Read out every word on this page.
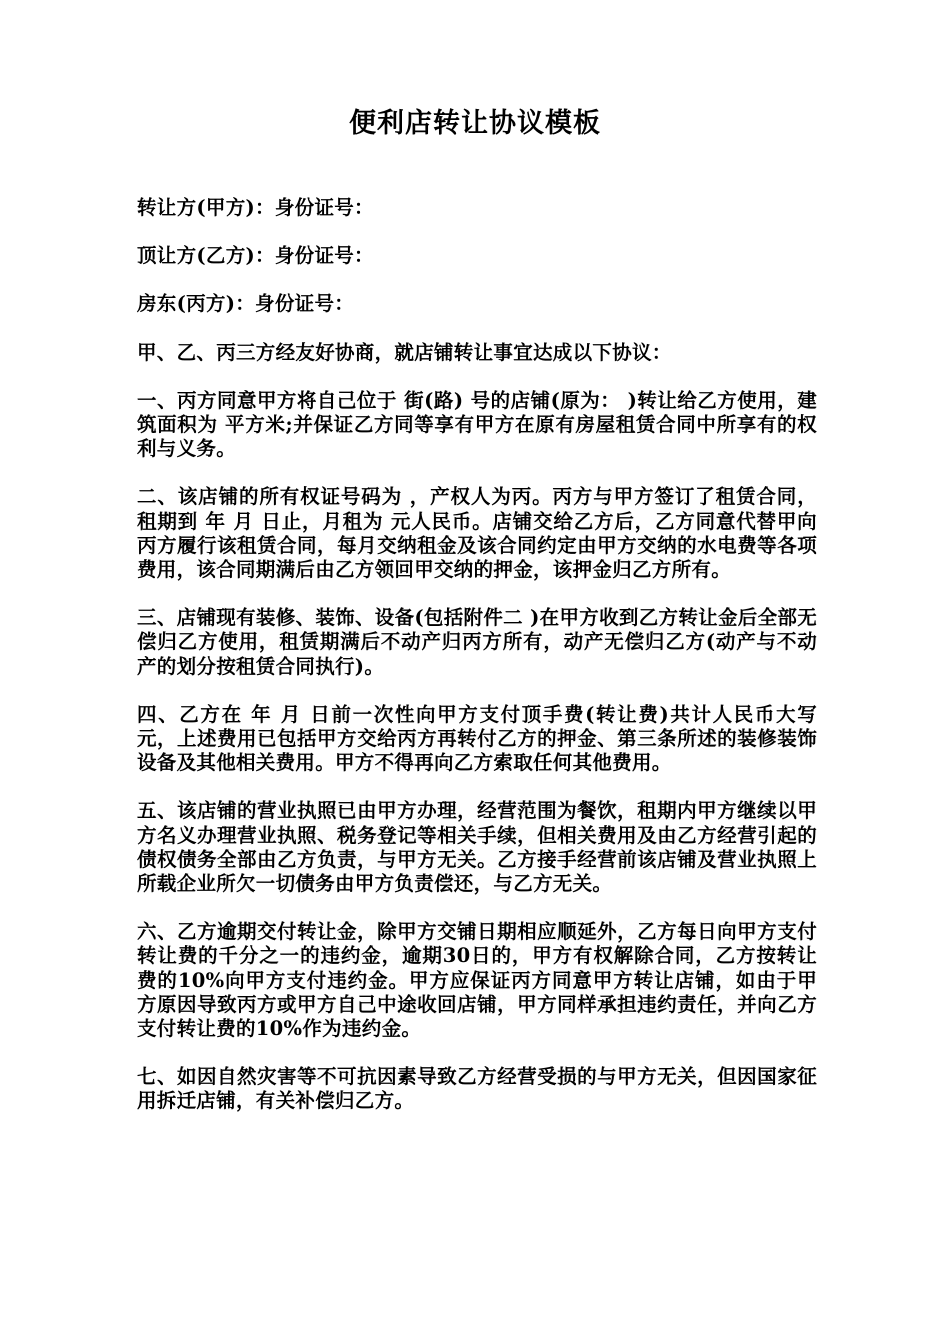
便利店转让协议模板

转让方(甲方)：身份证号：

顶让方(乙方)：身份证号：

房东(丙方)：身份证号：

甲、乙、丙三方经友好协商，就店铺转让事宜达成以下协议：

一、丙方同意甲方将自己位于 街(路) 号的店铺(原为： )转让给乙方使用，建筑面积为 平方米;并保证乙方同等享有甲方在原有房屋租赁合同中所享有的权利与义务。

二、该店铺的所有权证号码为 ，产权人为丙。丙方与甲方签订了租赁合同，租期到 年 月 日止，月租为 元人民币。店铺交给乙方后，乙方同意代替甲向丙方履行该租赁合同，每月交纳租金及该合同约定由甲方交纳的水电费等各项费用，该合同期满后由乙方领回甲交纳的押金，该押金归乙方所有。

三、店铺现有装修、装饰、设备(包括附件二 )在甲方收到乙方转让金后全部无偿归乙方使用，租赁期满后不动产归丙方所有，动产无偿归乙方(动产与不动产的划分按租赁合同执行)。

四、乙方在 年 月 日前一次性向甲方支付顶手费(转让费)共计人民币大写 元，上述费用已包括甲方交给丙方再转付乙方的押金、第三条所述的装修装饰设备及其他相关费用。甲方不得再向乙方索取任何其他费用。

五、该店铺的营业执照已由甲方办理，经营范围为餐饮，租期内甲方继续以甲方名义办理营业执照、税务登记等相关手续，但相关费用及由乙方经营引起的债权债务全部由乙方负责，与甲方无关。乙方接手经营前该店铺及营业执照上所载企业所欠一切债务由甲方负责偿还，与乙方无关。

六、乙方逾期交付转让金，除甲方交铺日期相应顺延外，乙方每日向甲方支付转让费的千分之一的违约金，逾期30日的，甲方有权解除合同，乙方按转让费的10%向甲方支付违约金。甲方应保证丙方同意甲方转让店铺，如由于甲方原因导致丙方或甲方自己中途收回店铺，甲方同样承担违约责任，并向乙方支付转让费的10%作为违约金。

七、如因自然灾害等不可抗因素导致乙方经营受损的与甲方无关，但因国家征用拆迁店铺，有关补偿归乙方。
